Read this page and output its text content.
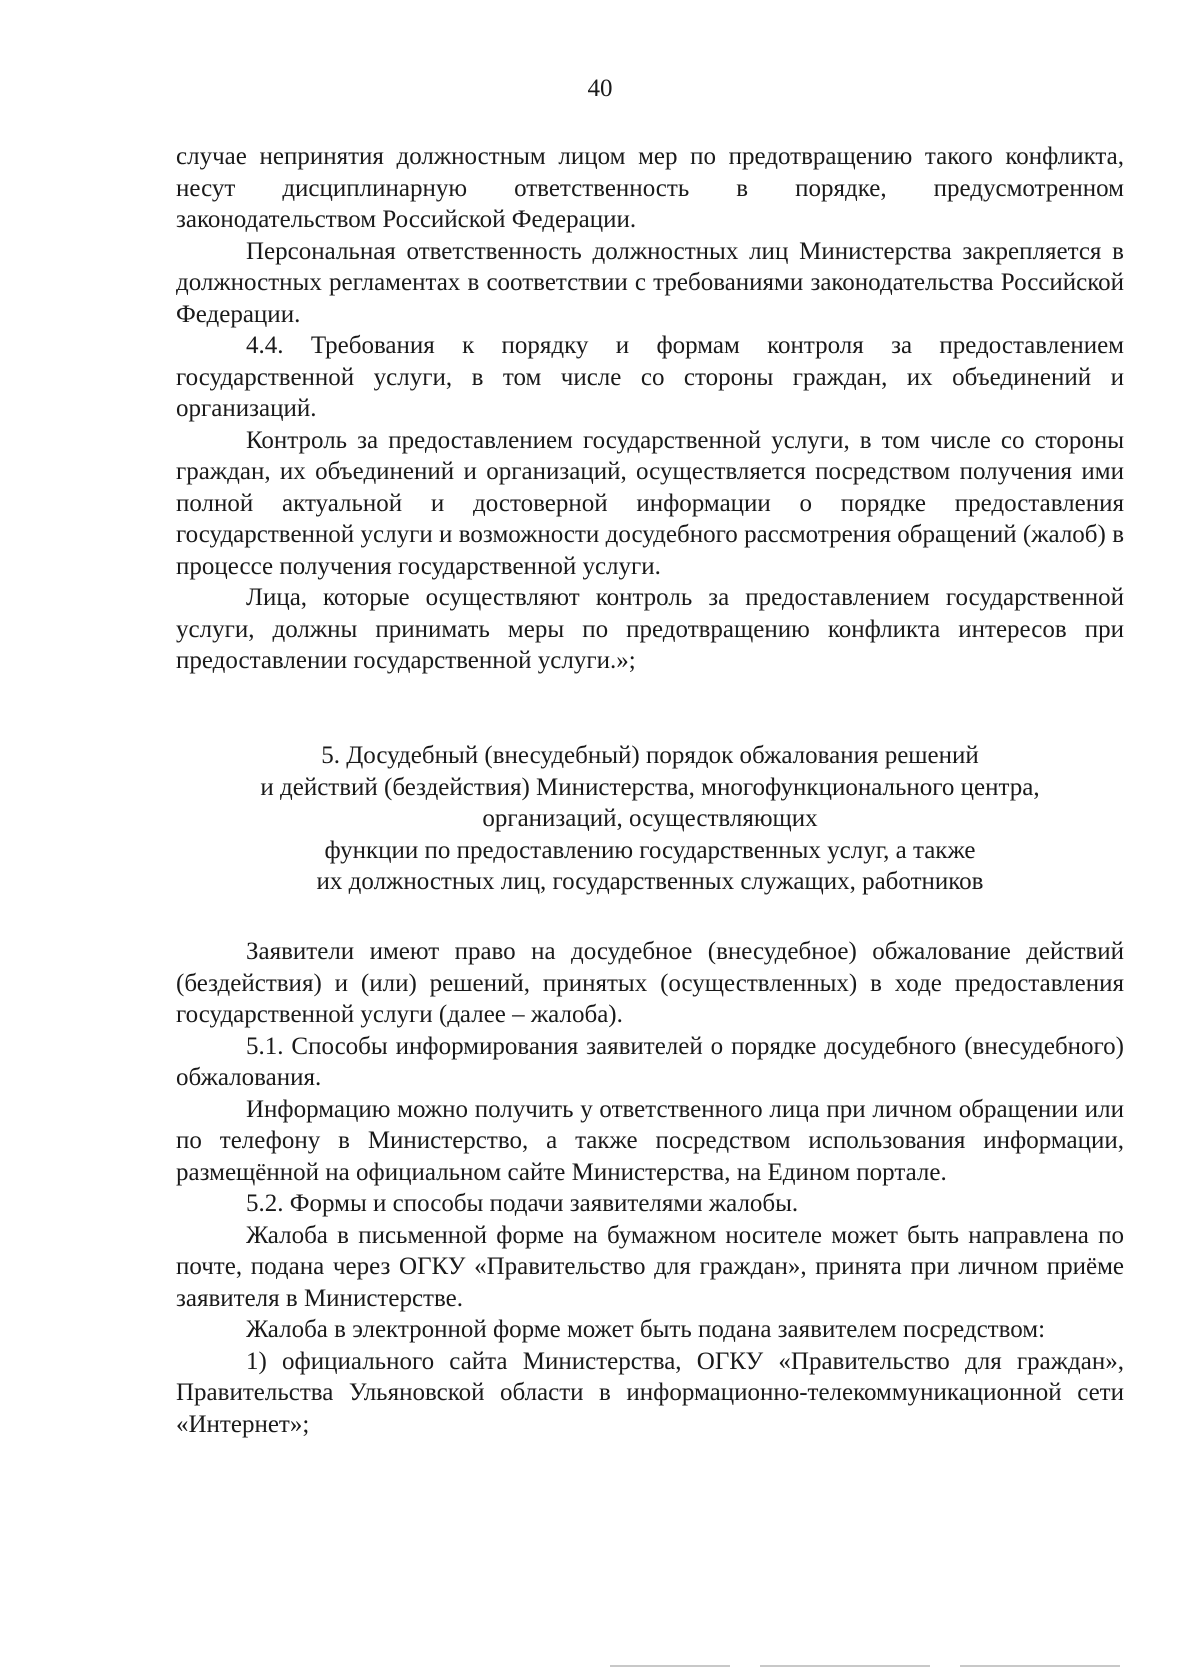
40

случае непринятия должностным лицом мер по предотвращению такого конфликта, несут дисциплинарную ответственность в порядке, предусмотренном законодательством Российской Федерации.

Персональная ответственность должностных лиц Министерства закрепляется в должностных регламентах в соответствии с требованиями законодательства Российской Федерации.

4.4. Требования к порядку и формам контроля за предоставлением государственной услуги, в том числе со стороны граждан, их объединений и организаций.

Контроль за предоставлением государственной услуги, в том числе со стороны граждан, их объединений и организаций, осуществляется посредством получения ими полной актуальной и достоверной информации о порядке предоставления государственной услуги и возможности досудебного рассмотрения обращений (жалоб) в процессе получения государственной услуги.

Лица, которые осуществляют контроль за предоставлением государственной услуги, должны принимать меры по предотвращению конфликта интересов при предоставлении государственной услуги.»;

5. Досудебный (внесудебный) порядок обжалования решений
и действий (бездействия) Министерства, многофункционального центра,
организаций, осуществляющих
функции по предоставлению государственных услуг, а также
их должностных лиц, государственных служащих, работников

Заявители имеют право на досудебное (внесудебное) обжалование действий (бездействия) и (или) решений, принятых (осуществленных) в ходе предоставления государственной услуги (далее – жалоба).

5.1. Способы информирования заявителей о порядке досудебного (внесудебного) обжалования.

Информацию можно получить у ответственного лица при личном обращении или по телефону в Министерство, а также посредством использования информации, размещённой на официальном сайте Министерства, на Едином портале.

5.2. Формы и способы подачи заявителями жалобы.

Жалоба в письменной форме на бумажном носителе может быть направлена по почте, подана через ОГКУ «Правительство для граждан», принята при личном приёме заявителя в Министерстве.

Жалоба в электронной форме может быть подана заявителем посредством:

1) официального сайта Министерства, ОГКУ «Правительство для граждан», Правительства Ульяновской области в информационно-телекоммуникационной сети «Интернет»;
